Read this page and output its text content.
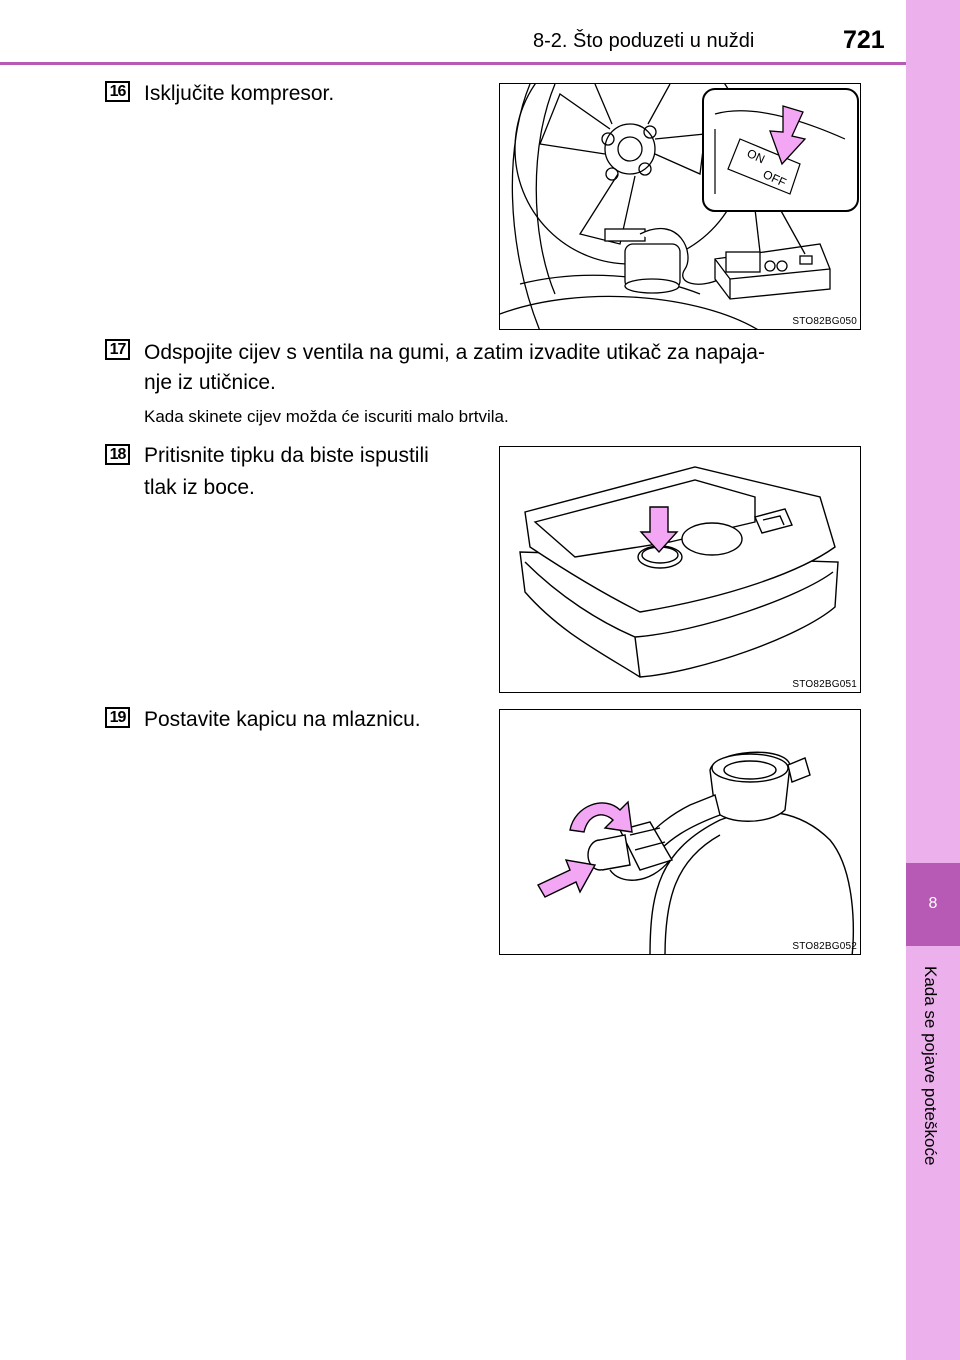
8-2. Što poduzeti u nuždi	721
8
Kada se pojave poteškoće
16 Isključite kompresor.
ON
OFF
STO82BG050
17 Odspojite cijev s ventila na gumi, a zatim izvadite utikač za napaja-
nje iz utičnice.
Kada skinete cijev možda će iscuriti malo brtvila.
18 Pritisnite tipku da biste ispustili
tlak iz boce.
STO82BG051
19 Postavite kapicu na mlaznicu.
STO82BG052
